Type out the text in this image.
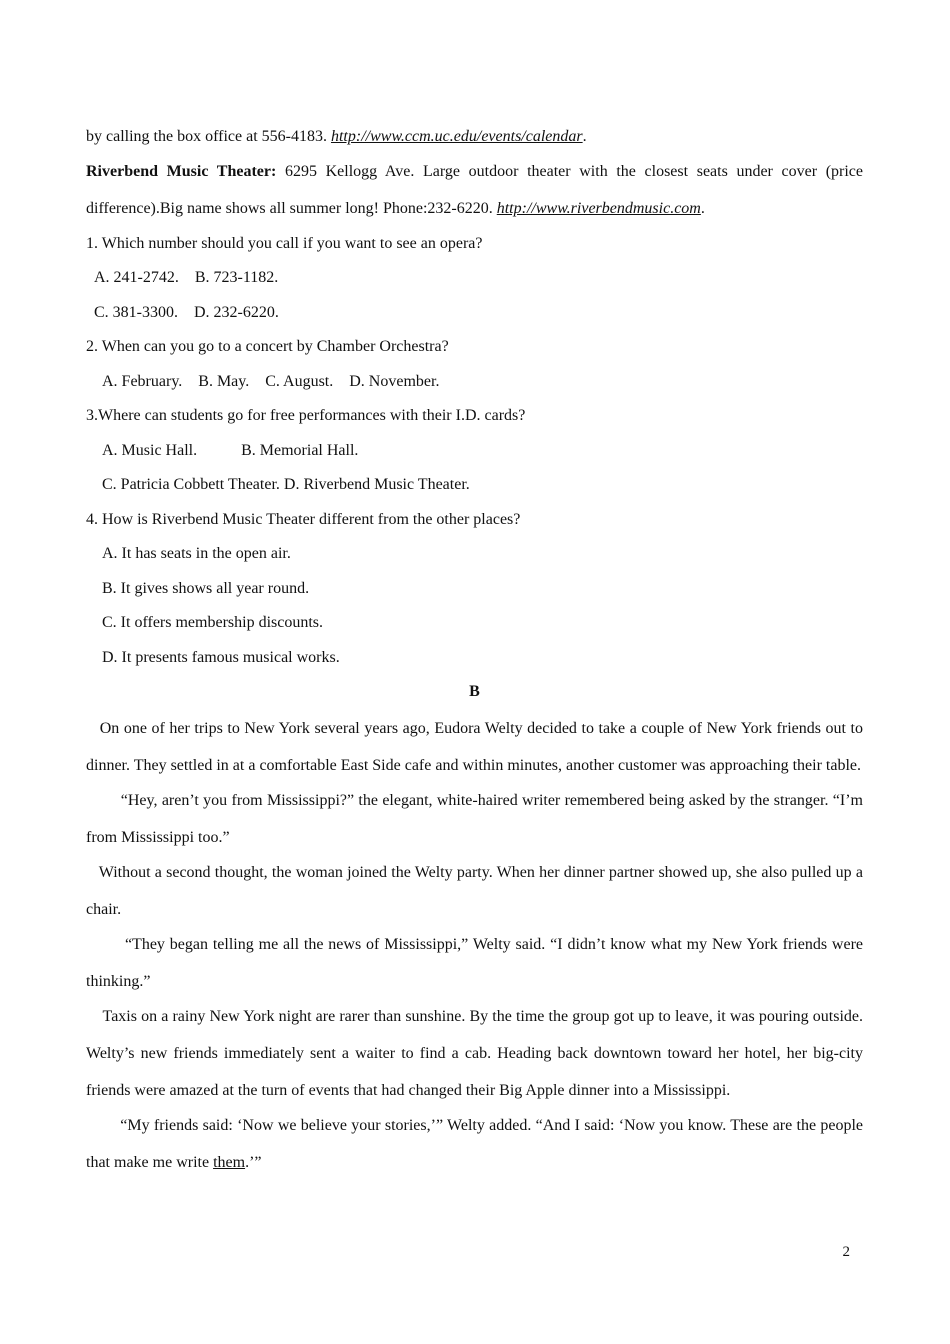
by calling the box office at 556-4183. http://www.ccm.uc.edu/events/calendar.
Riverbend Music Theater: 6295 Kellogg Ave. Large outdoor theater with the closest seats under cover (price
difference).Big name shows all summer long! Phone:232-6220. http://www.riverbendmusic.com.
1. Which number should you call if you want to see an opera?
A. 241-2742.    B. 723-1182.
C. 381-3300.    D. 232-6220.
2. When can you go to a concert by Chamber Orchestra?
A. February.    B. May.    C. August.    D. November.
3.Where can students go for free performances with their I.D. cards?
A. Music Hall.           B. Memorial Hall.
C. Patricia Cobbett Theater. D. Riverbend Music Theater.
4. How is Riverbend Music Theater different from the other places?
A. It has seats in the open air.
B. It gives shows all year round.
C. It offers membership discounts.
D. It presents famous musical works.
B

On one of her trips to New York several years ago, Eudora Welty decided to take a couple of New York friends out to dinner. They settled in at a comfortable East Side cafe and within minutes, another customer was approaching their table.

“Hey, aren’t you from Mississippi?” the elegant, white-haired writer remembered being asked by the stranger. “I’m from Mississippi too.”

Without a second thought, the woman joined the Welty party. When her dinner partner showed up, she also pulled up a chair.

“They began telling me all the news of Mississippi,” Welty said. “I didn’t know what my New York friends were thinking.”

Taxis on a rainy New York night are rarer than sunshine. By the time the group got up to leave, it was pouring outside. Welty’s new friends immediately sent a waiter to find a cab. Heading back downtown toward her hotel, her big-city friends were amazed at the turn of events that had changed their Big Apple dinner into a Mississippi.

“My friends said: ‘Now we believe your stories,’” Welty added. “And I said: ‘Now you know. These are the people that make me write them.’”

2
